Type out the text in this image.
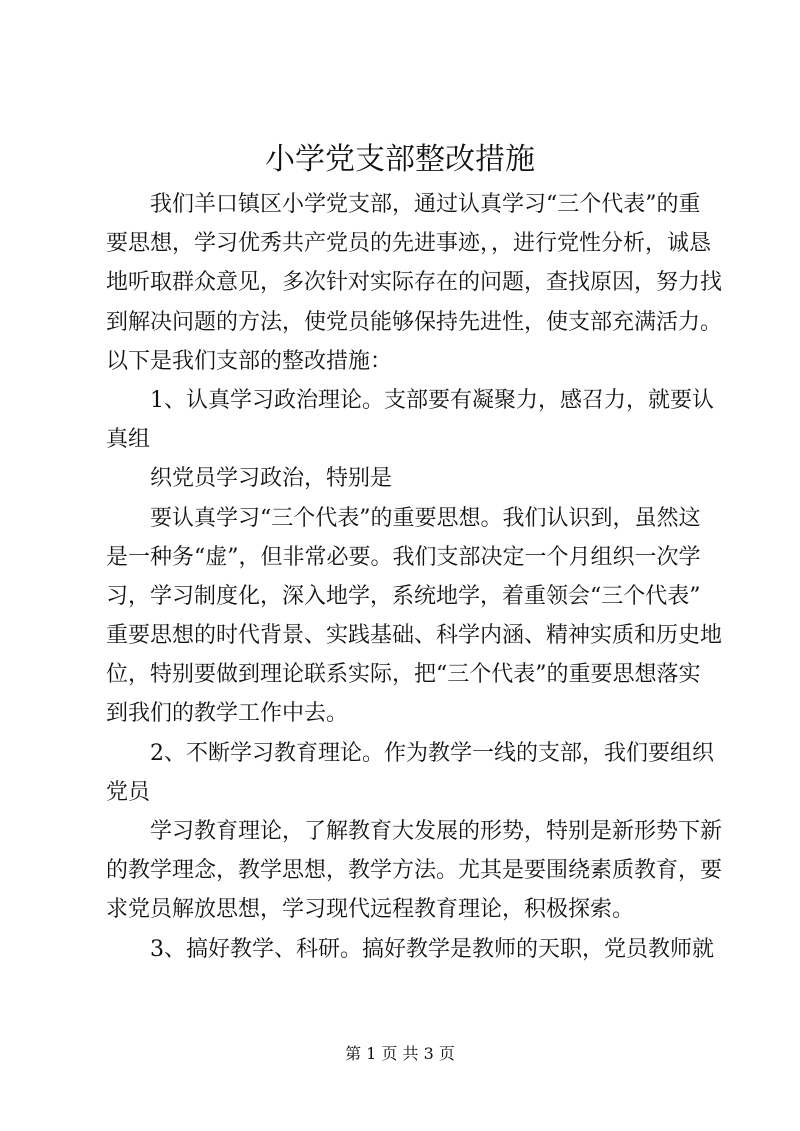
小学党支部整改措施
我们羊口镇区小学党支部，通过认真学习“三个代表”的重
要思想，学习优秀共产党员的先进事迹，，进行党性分析，诚恳
地听取群众意见，多次针对实际存在的问题，查找原因，努力找
到解决问题的方法，使党员能够保持先进性，使支部充满活力。
以下是我们支部的整改措施：
1、认真学习政治理论。支部要有凝聚力，感召力，就要认
真组
织党员学习政治，特别是
要认真学习“三个代表”的重要思想。我们认识到，虽然这
是一种务“虚”，但非常必要。我们支部决定一个月组织一次学
习，学习制度化，深入地学，系统地学，着重领会“三个代表”
重要思想的时代背景、实践基础、科学内涵、精神实质和历史地
位，特别要做到理论联系实际，把“三个代表”的重要思想落实
到我们的教学工作中去。
2、不断学习教育理论。作为教学一线的支部，我们要组织
党员
学习教育理论，了解教育大发展的形势，特别是新形势下新
的教学理念，教学思想，教学方法。尤其是要围绕素质教育，要
求党员解放思想，学习现代远程教育理论，积极探索。
3、搞好教学、科研。搞好教学是教师的天职，党员教师就
第 1 页 共 3 页
